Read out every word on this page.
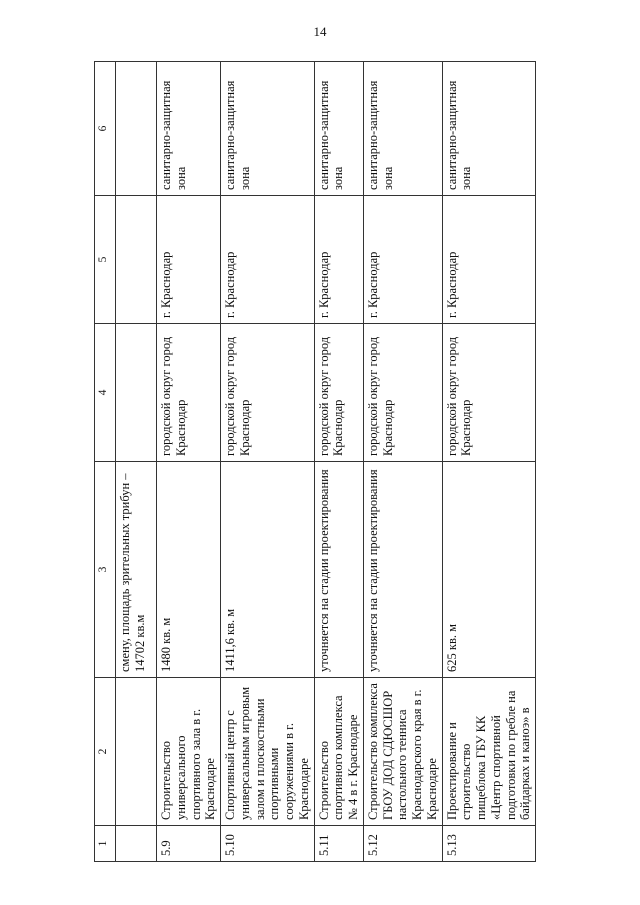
14
1	2	3	4	5	6
		смену, площадь зрительных трибун – 14702 кв.м			
5.9	Строительство универсального спортивного зала в г. Краснодаре	1480 кв. м	городской округ город Краснодар	г. Краснодар	санитарно-защитная зона
5.10	Спортивный центр с универсальным игровым залом и плоскостными спортивными сооружениями в г. Краснодаре	1411,6 кв. м	городской округ город Краснодар	г. Краснодар	санитарно-защитная зона
5.11	Строительство спортивного комплекса № 4 в г. Краснодаре	уточняется на стадии проектирования	городской округ город Краснодар	г. Краснодар	санитарно-защитная зона
5.12	Строительство комплекса ГБОУ ДОД СДЮСШОР настольного тенниса Краснодарского края в г. Краснодаре	уточняется на стадии проектирования	городской округ город Краснодар	г. Краснодар	санитарно-защитная зона
5.13	Проектирование и строительство пищеблока ГБУ КК «Центр спортивной подготовки по гребле на байдарках и каноэ» в	625 кв. м	городской округ город Краснодар	г. Краснодар	санитарно-защитная зона
